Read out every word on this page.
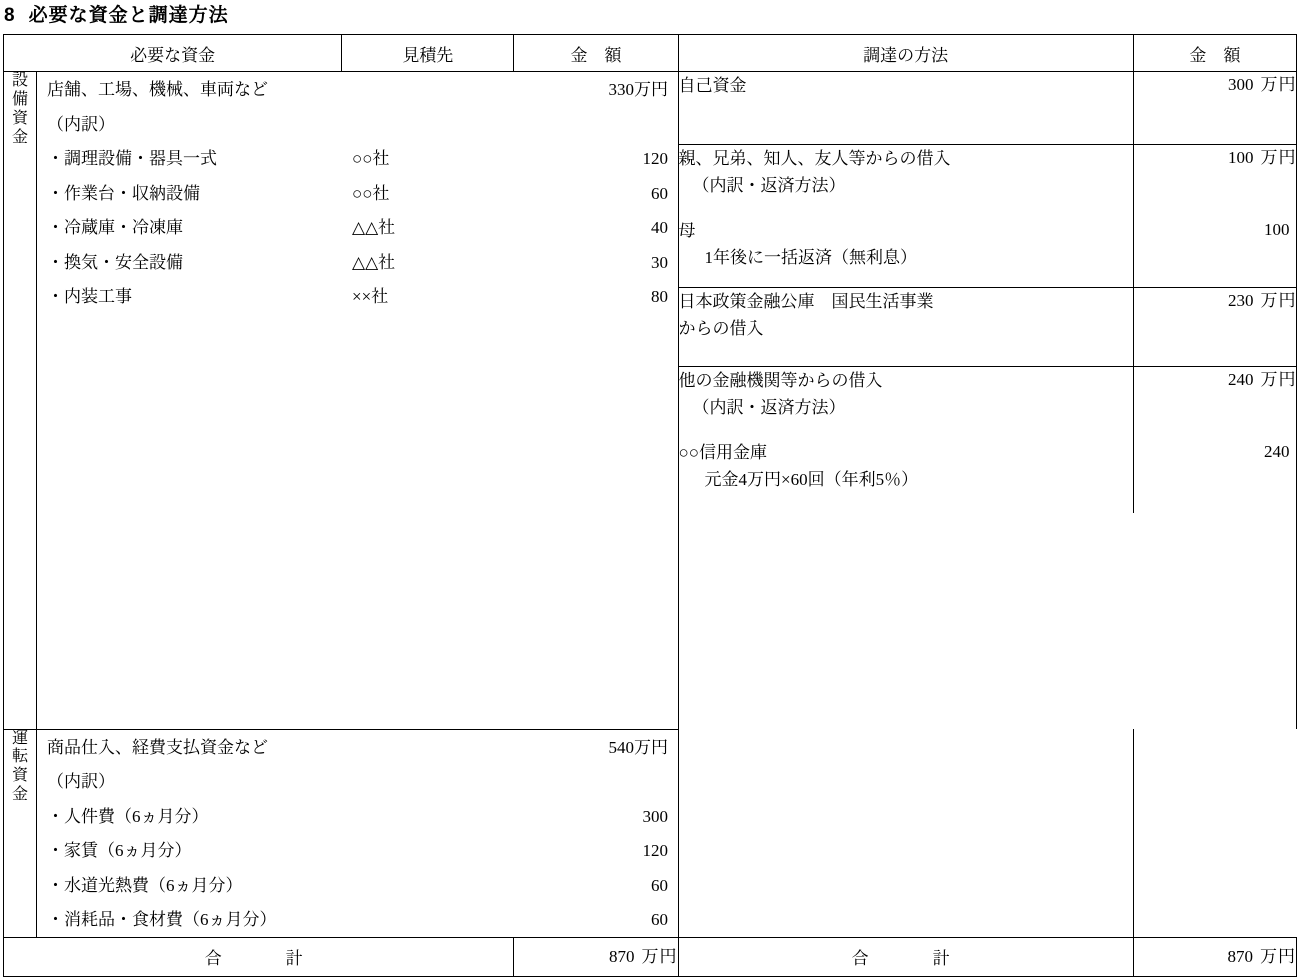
8 必要な資金と調達方法
必要な資金	見積先	金　額	調達の方法	金　額

設
備
資
金

店舗、工場、機械、車両など		330万円
（内訳）		
・調理設備・器具一式	○○社	120
・作業台・収納設備	○○社	60
・冷蔵庫・冷凍庫	△△社	40
・換気・安全設備	△△社	30
・内装工事	××社	80

自己資金	300 万円

親、兄弟、知人、友人等からの借入
（内訳・返済方法）
	100 万円

母
1年後に一括返済（無利息）
	100

日本政策金融公庫　国民生活事業
からの借入
	230 万円

他の金融機関等からの借入
（内訳・返済方法）
	240 万円

○○信用金庫
元金4万円×60回（年利5％）
	240

運
転
資
金

商品仕入、経費支払資金など		540万円
（内訳）		
・人件費（6ヵ月分）		300
・家賃（6ヵ月分）		120
・水道光熱費（6ヵ月分）		60
・消耗品・食材費（6ヵ月分）		60

合　　計	870 万円	合　　計	870 万円
